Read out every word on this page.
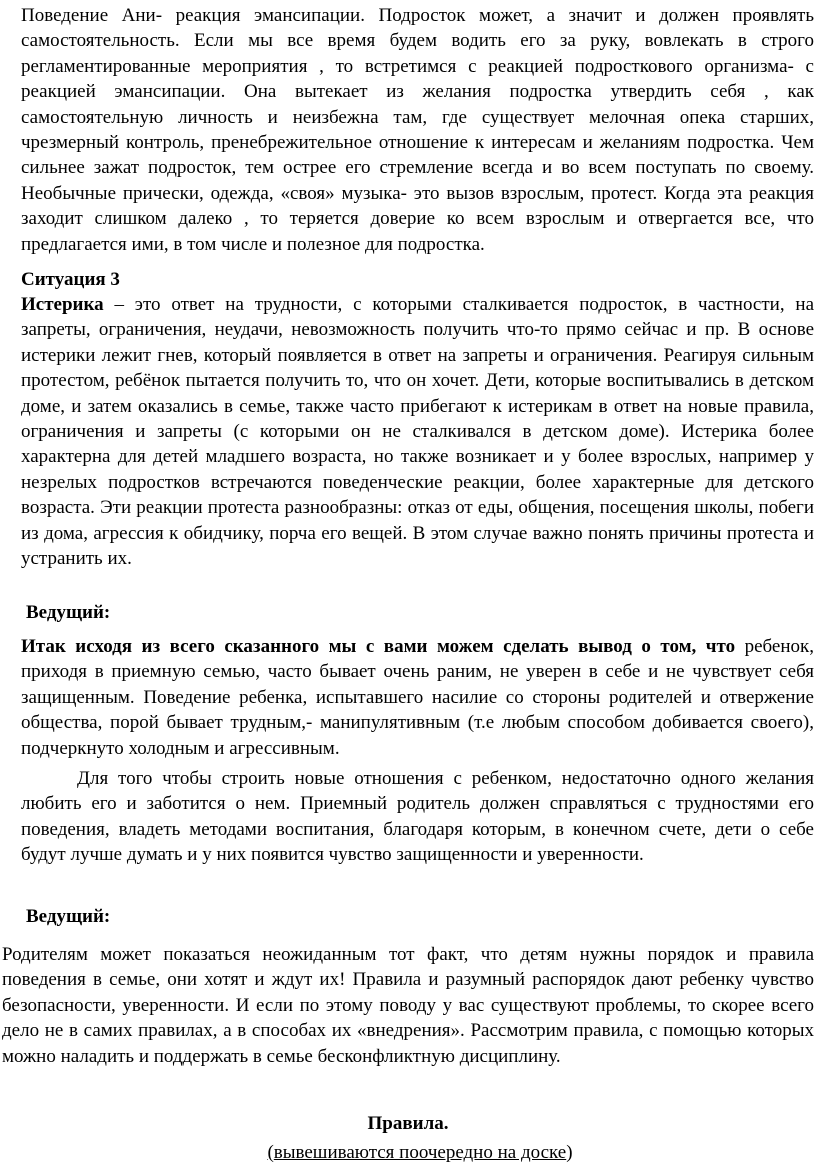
Поведение Ани- реакция эмансипации. Подросток может, а значит и должен проявлять самостоятельность. Если мы все время будем водить его за руку, вовлекать в строго регламентированные мероприятия , то встретимся с реакцией подросткового организма- с реакцией эмансипации. Она вытекает из желания подростка утвердить себя , как самостоятельную личность и неизбежна там, где существует мелочная опека старших, чрезмерный контроль, пренебрежительное отношение к интересам и желаниям подростка. Чем сильнее зажат подросток, тем острее его стремление всегда и во всем поступать по своему. Необычные прически, одежда, «своя» музыка- это вызов взрослым, протест. Когда эта реакция заходит слишком далеко , то теряется доверие ко всем взрослым и отвергается все, что предлагается ими, в том числе и полезное для подростка.

Ситуация 3

Истерика – это ответ на трудности, с которыми сталкивается подросток, в частности, на запреты, ограничения, неудачи, невозможность получить что-то прямо сейчас и пр. В основе истерики лежит гнев, который появляется в ответ на запреты и ограничения. Реагируя сильным протестом, ребёнок пытается получить то, что он хочет. Дети, которые воспитывались в детском доме, и затем оказались в семье, также часто прибегают к истерикам в ответ на новые правила, ограничения и запреты (с которыми он не сталкивался в детском доме). Истерика более характерна для детей младшего возраста, но также возникает и у более взрослых, например у незрелых подростков встречаются поведенческие реакции, более характерные для детского возраста. Эти реакции протеста разнообразны: отказ от еды, общения, посещения школы, побеги из дома, агрессия к обидчику, порча его вещей. В этом случае важно понять причины протеста и устранить их.

Ведущий:

Итак исходя из всего сказанного мы с вами можем сделать вывод о том, что ребенок, приходя в приемную семью, часто бывает очень раним, не уверен в себе и не чувствует себя защищенным. Поведение ребенка, испытавшего насилие со стороны родителей и отвержение общества, порой бывает трудным,- манипулятивным (т.е любым способом добивается своего), подчеркнуто холодным и агрессивным.

Для того чтобы строить новые отношения с ребенком, недостаточно одного желания любить его и заботится о нем. Приемный родитель должен справляться с трудностями его поведения, владеть методами воспитания, благодаря которым, в конечном счете, дети о себе будут лучше думать и у них появится чувство защищенности и уверенности.

Ведущий:

Родителям может показаться неожиданным тот факт, что детям нужны порядок и правила поведения в семье, они хотят и ждут их! Правила и разумный распорядок дают ребенку чувство безопасности, уверенности. И если по этому поводу у вас существуют проблемы, то скорее всего дело не в самих правилах, а в способах их «внедрения». Рассмотрим правила, с помощью которых можно наладить и поддержать в семье бесконфликтную дисциплину.

Правила.

(вывешиваются поочередно на доске)
